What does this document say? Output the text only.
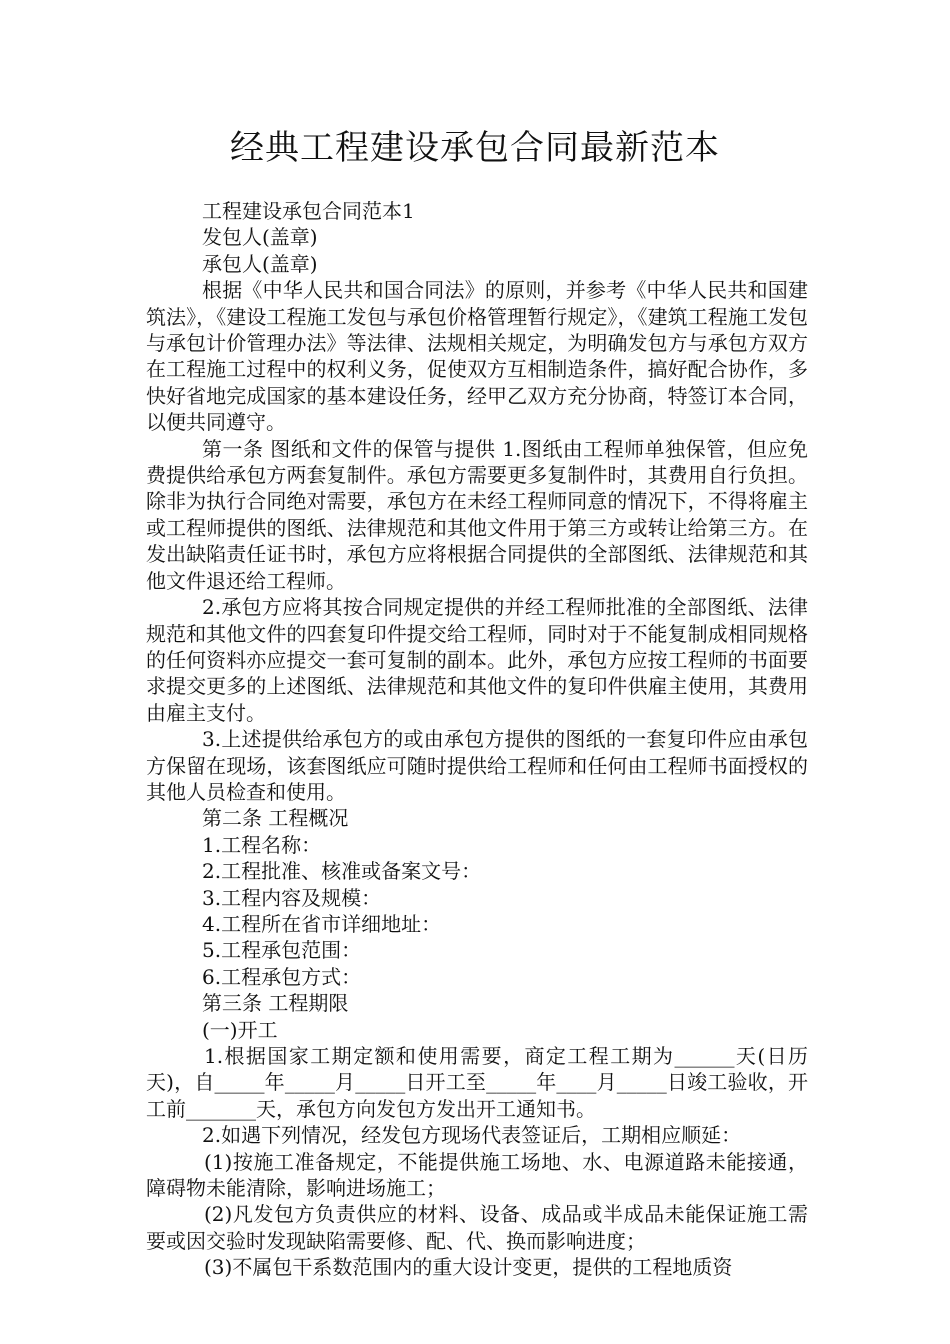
经典工程建设承包合同最新范本

工程建设承包合同范本1

发包人(盖章)

承包人(盖章)

根据《中华人民共和国合同法》的原则，并参考《中华人民共和国建筑法》，《建设工程施工发包与承包价格管理暂行规定》，《建筑工程施工发包与承包计价管理办法》等法律、法规相关规定，为明确发包方与承包方双方在工程施工过程中的权利义务，促使双方互相制造条件，搞好配合协作，多快好省地完成国家的基本建设任务，经甲乙双方充分协商，特签订本合同，以便共同遵守。

第一条 图纸和文件的保管与提供 1.图纸由工程师单独保管，但应免费提供给承包方两套复制件。承包方需要更多复制件时，其费用自行负担。除非为执行合同绝对需要，承包方在未经工程师同意的情况下，不得将雇主或工程师提供的图纸、法律规范和其他文件用于第三方或转让给第三方。在发出缺陷责任证书时，承包方应将根据合同提供的全部图纸、法律规范和其他文件退还给工程师。

2.承包方应将其按合同规定提供的并经工程师批准的全部图纸、法律规范和其他文件的四套复印件提交给工程师，同时对于不能复制成相同规格的任何资料亦应提交一套可复制的副本。此外，承包方应按工程师的书面要求提交更多的上述图纸、法律规范和其他文件的复印件供雇主使用，其费用由雇主支付。

3.上述提供给承包方的或由承包方提供的图纸的一套复印件应由承包方保留在现场，该套图纸应可随时提供给工程师和任何由工程师书面授权的其他人员检查和使用。

第二条 工程概况

1.工程名称：

2.工程批准、核准或备案文号：

3.工程内容及规模：

4.工程所在省市详细地址：

5.工程承包范围：

6.工程承包方式：

第三条 工程期限

(一)开工

1.根据国家工期定额和使用需要，商定工程工期为______天(日历天)，自_____年_____月_____日开工至_____年____月_____日竣工验收，开工前_______天，承包方向发包方发出开工通知书。

2.如遇下列情况，经发包方现场代表签证后，工期相应顺延：

(1)按施工准备规定，不能提供施工场地、水、电源道路未能接通，障碍物未能清除，影响进场施工；

(2)凡发包方负责供应的材料、设备、成品或半成品未能保证施工需要或因交验时发现缺陷需要修、配、代、换而影响进度；

(3)不属包干系数范围内的重大设计变更，提供的工程地质资
